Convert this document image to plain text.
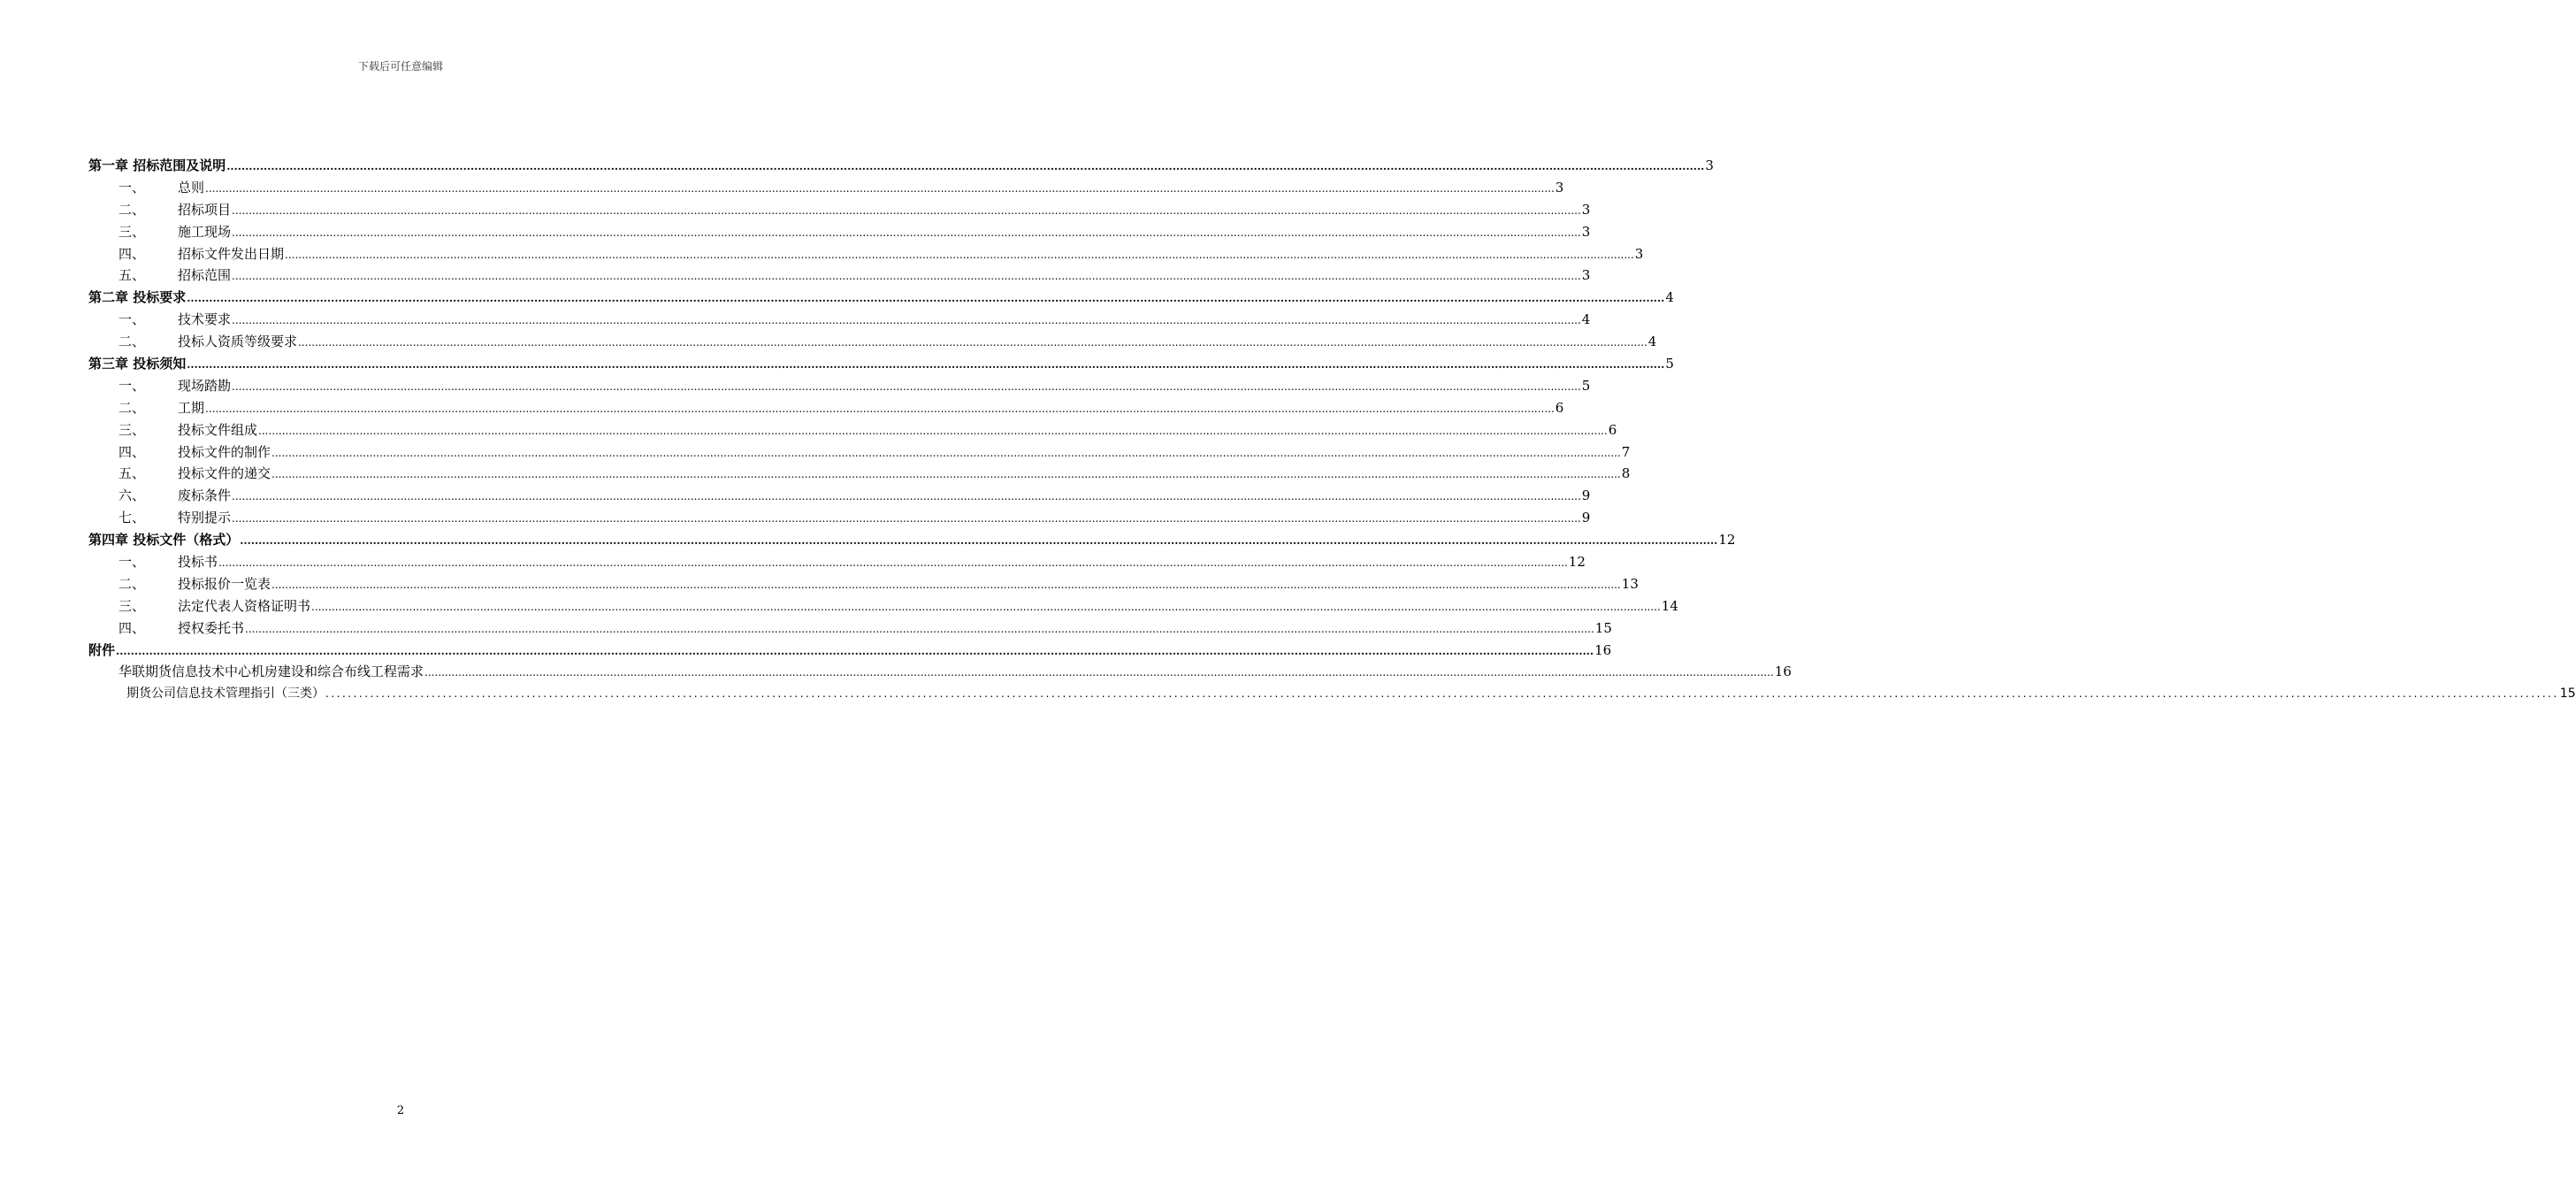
下载后可任意编辑
第一章 招标范围及说明 ................................................................................................................................................................................................................................................................................................................................................................................................................ 3
一、	总则 ................................................................................................................................................................................................................................................................................................................................................................................................................ 3
二、	招标项目 ................................................................................................................................................................................................................................................................................................................................................................................................................ 3
三、	施工现场 ................................................................................................................................................................................................................................................................................................................................................................................................................ 3
四、	招标文件发出日期 ................................................................................................................................................................................................................................................................................................................................................................................................................ 3
五、	招标范围 ................................................................................................................................................................................................................................................................................................................................................................................................................ 3
第二章 投标要求 ................................................................................................................................................................................................................................................................................................................................................................................................................ 4
一、	技术要求 ................................................................................................................................................................................................................................................................................................................................................................................................................ 4
二、	投标人资质等级要求 ................................................................................................................................................................................................................................................................................................................................................................................................................ 4
第三章 投标须知 ................................................................................................................................................................................................................................................................................................................................................................................................................ 5
一、	现场踏勘 ................................................................................................................................................................................................................................................................................................................................................................................................................ 5
二、	工期 ................................................................................................................................................................................................................................................................................................................................................................................................................ 6
三、	投标文件组成 ................................................................................................................................................................................................................................................................................................................................................................................................................ 6
四、	投标文件的制作 ................................................................................................................................................................................................................................................................................................................................................................................................................ 7
五、	投标文件的递交 ................................................................................................................................................................................................................................................................................................................................................................................................................ 8
六、	废标条件 ................................................................................................................................................................................................................................................................................................................................................................................................................ 9
七、	特别提示 ................................................................................................................................................................................................................................................................................................................................................................................................................ 9
第四章 投标文件（格式） ................................................................................................................................................................................................................................................................................................................................................................................................................ 12
一、	投标书 ................................................................................................................................................................................................................................................................................................................................................................................................................ 12
二、	投标报价一览表 ................................................................................................................................................................................................................................................................................................................................................................................................................ 13
三、	法定代表人资格证明书 ................................................................................................................................................................................................................................................................................................................................................................................................................ 14
四、	授权委托书 ................................................................................................................................................................................................................................................................................................................................................................................................................ 15
附件 ................................................................................................................................................................................................................................................................................................................................................................................................................ 16
华联期货信息技术中心机房建设和综合布线工程需求 ................................................................................................................................................................................................................................................................................................................................................................................................................ 16
期货公司信息技术管理指引（三类） ................................................................................................................................................................................................................................................................................................................................................................................................................ 15
2
